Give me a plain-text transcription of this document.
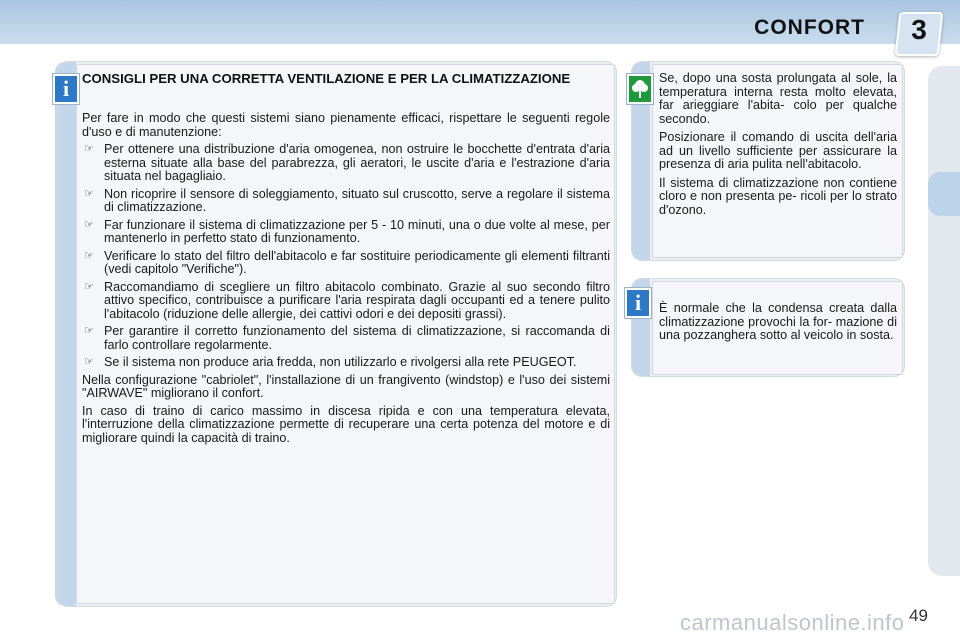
CONFORT	3
i CONSIGLI PER UNA CORRETTA VENTILAZIONE E PER LA CLIMATIZZAZIONE

Per fare in modo che questi sistemi siano pienamente efficaci, rispettare le seguenti regole d'uso e di manutenzione:

☞ Per ottenere una distribuzione d'aria omogenea, non ostruire le bocchette d'entrata d'aria esterna situate alla base del parabrezza, gli aeratori, le uscite d'aria e l'estrazione d'aria situata nel bagagliaio.
☞ Non ricoprire il sensore di soleggiamento, situato sul cruscotto, serve a regolare il sistema di climatizzazione.
☞ Far funzionare il sistema di climatizzazione per 5 - 10 minuti, una o due volte al mese, per mantenerlo in perfetto stato di funzionamento.
☞ Verificare lo stato del filtro dell'abitacolo e far sostituire periodicamente gli elementi filtranti (vedi capitolo "Verifiche").
☞ Raccomandiamo di scegliere un filtro abitacolo combinato. Grazie al suo secondo filtro attivo specifico, contribuisce a purificare l'aria respirata dagli occupanti ed a tenere pulito l'abitacolo (riduzione delle allergie, dei cattivi odori e dei depositi grassi).
☞ Per garantire il corretto funzionamento del sistema di climatizzazione, si raccomanda di farlo controllare regolarmente.
☞ Se il sistema non produce aria fredda, non utilizzarlo e rivolgersi alla rete PEUGEOT.

Nella configurazione "cabriolet", l'installazione di un frangivento (windstop) e l'uso dei sistemi "AIRWAVE" migliorano il confort.

In caso di traino di carico massimo in discesa ripida e con una temperatura elevata, l'interruzione della climatizzazione permette di recuperare una certa potenza del motore e di migliorare quindi la capacità di traino.

Se, dopo una sosta prolungata al sole, la temperatura interna resta molto elevata, far arieggiare l'abita- colo per qualche secondo.

Posizionare il comando di uscita dell'aria ad un livello sufficiente per assicurare la presenza di aria pulita nell'abitacolo.

Il sistema di climatizzazione non contiene cloro e non presenta pe- ricoli per lo strato d'ozono.

i	È normale che la condensa creata dalla climatizzazione provochi la for- mazione di una pozzanghera sotto al veicolo in sosta.

carmanualsonline.info 49
